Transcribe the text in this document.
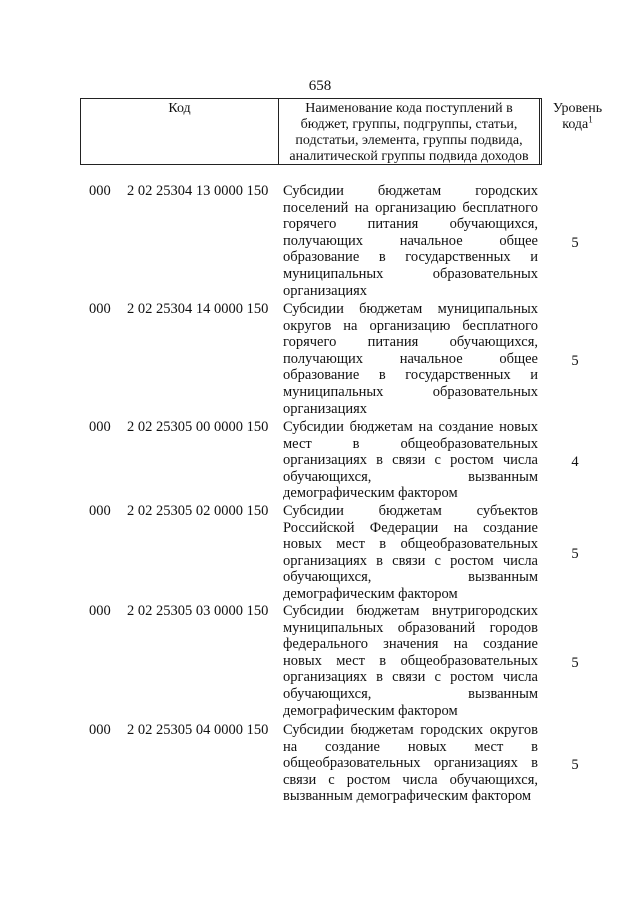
658
Код	Наименование кода поступлений в бюджет, группы, подгруппы, статьи, подстатьи, элемента, группы подвида, аналитической группы подвида доходов
Уровень кода$^1$
000 2 02 25304 13 0000 150 Субсидии бюджетам городских поселений на организацию бесплатного горячего питания обучающихся, получающих начальное общее образование в государственных и муниципальных образовательных организациях
5
000 2 02 25304 14 0000 150 Субсидии бюджетам муниципальных округов на организацию бесплатного горячего питания обучающихся, получающих начальное общее образование в государственных и муниципальных образовательных организациях
5
000 2 02 25305 00 0000 150 Субсидии бюджетам на создание новых мест в общеобразовательных организациях в связи с ростом числа обучающихся, вызванным демографическим фактором
4
000 2 02 25305 02 0000 150 Субсидии бюджетам субъектов Российской Федерации на создание новых мест в общеобразовательных организациях в связи с ростом числа обучающихся, вызванным демографическим фактором
5
000 2 02 25305 03 0000 150 Субсидии бюджетам внутригородских муниципальных образований городов федерального значения на создание новых мест в общеобразовательных организациях в связи с ростом числа обучающихся, вызванным демографическим фактором
5
000 2 02 25305 04 0000 150 Субсидии бюджетам городских округов на создание новых мест в общеобразовательных организациях в связи с ростом числа обучающихся, вызванным демографическим фактором
5
